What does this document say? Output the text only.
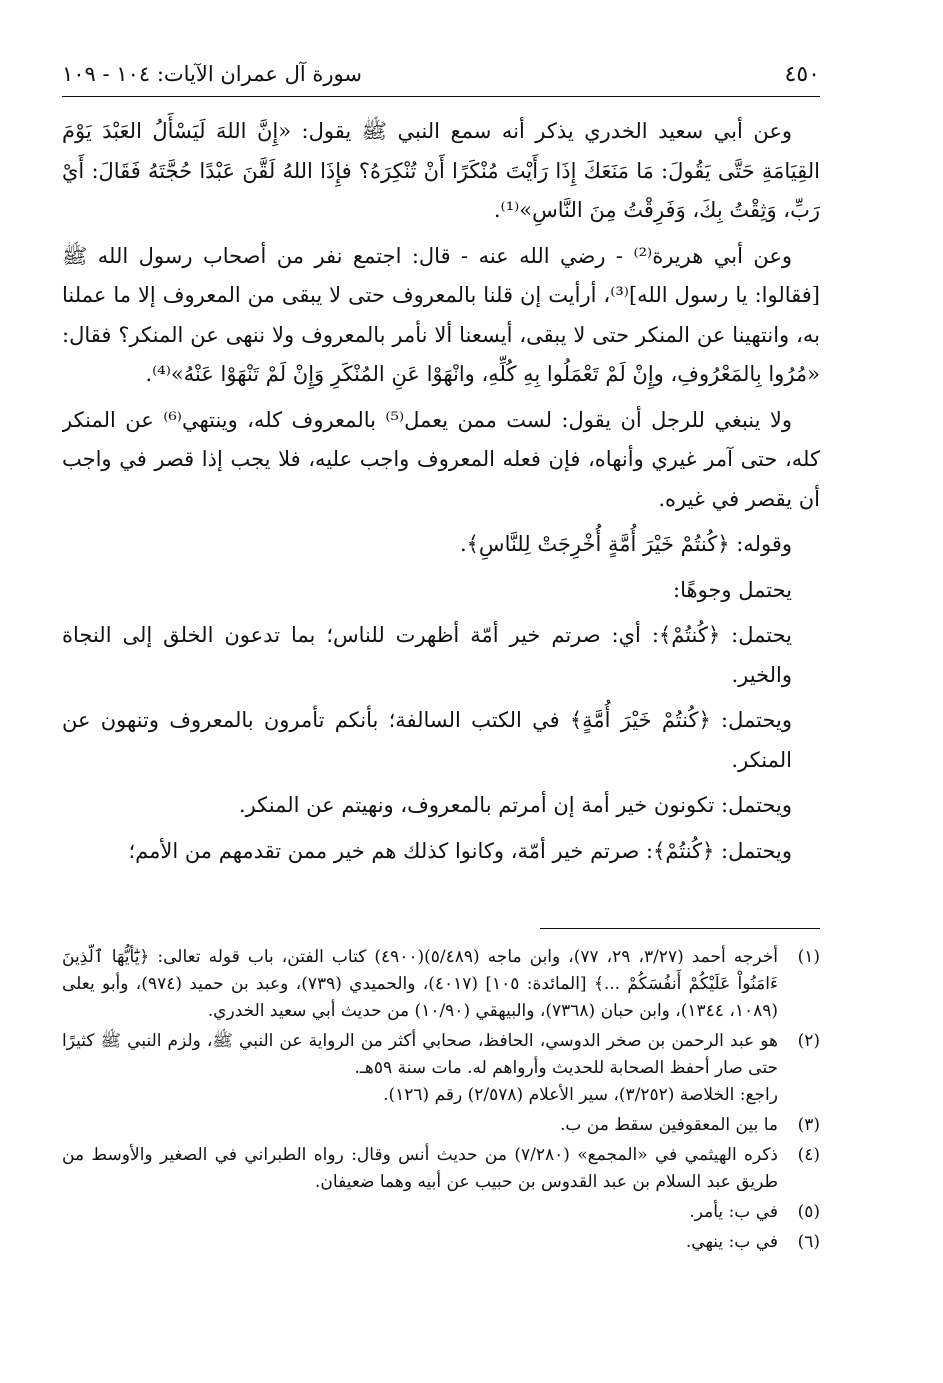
٤٥٠
سورة آل عمران الآيات: ١٠٤ - ١٠٩

وعن أبي سعيد الخدري يذكر أنه سمع النبي ﷺ يقول: «إِنَّ اللهَ لَيَسْأَلُ العَبْدَ يَوْمَ القِيَامَةِ حَتَّى يَقُولَ: مَا مَنَعَكَ إِذَا رَأَيْتَ مُنْكَرًا أَنْ تُنْكِرَهُ؟ فإِذَا اللهُ لَقَّنَ عَبْدًا حُجَّتَهُ فَقَالَ: أَيْ رَبِّ، وَثِقْتُ بِكَ، وَفَرِقْتُ مِنَ النَّاسِ»⁽¹⁾.

وعن أبي هريرة⁽²⁾ - رضي الله عنه - قال: اجتمع نفر من أصحاب رسول الله ﷺ [فقالوا: يا رسول الله]⁽³⁾، أرأيت إن قلنا بالمعروف حتى لا يبقى من المعروف إلا ما عملنا به، وانتهينا عن المنكر حتى لا يبقى، أيسعنا ألا نأمر بالمعروف ولا ننهى عن المنكر؟ فقال: «مُرُوا بِالمَعْرُوفِ، وإِنْ لَمْ تَعْمَلُوا بِهِ كُلِّهِ، وانْهَوْا عَنِ المُنْكَرِ وَإِنْ لَمْ تَنْهَوْا عَنْهُ»⁽⁴⁾.

ولا ينبغي للرجل أن يقول: لست ممن يعمل⁽⁵⁾ بالمعروف كله، وينتهي⁽⁶⁾ عن المنكر كله، حتى آمر غيري وأنهاه، فإن فعله المعروف واجب عليه، فلا يجب إذا قصر في واجب أن يقصر في غيره.

وقوله: ﴿كُنتُمْ خَيْرَ أُمَّةٍ أُخْرِجَتْ لِلنَّاسِ﴾.

يحتمل وجوهًا:

يحتمل: ﴿كُنتُمْ﴾: أي: صرتم خير أمّة أظهرت للناس؛ بما تدعون الخلق إلى النجاة والخير.

ويحتمل: ﴿كُنتُمْ خَيْرَ أُمَّةٍ﴾ في الكتب السالفة؛ بأنكم تأمرون بالمعروف وتنهون عن المنكر.

ويحتمل: تكونون خير أمة إن أمرتم بالمعروف، ونهيتم عن المنكر.

ويحتمل: ﴿كُنتُمْ﴾: صرتم خير أمّة، وكانوا كذلك هم خير ممن تقدمهم من الأمم؛

(١)
أخرجه أحمد (٣/٢٧، ٢٩، ٧٧)، وابن ماجه (٥/٤٨٩)(٤٩٠٠) كتاب الفتن، باب قوله تعالى: ﴿يَٰٓأَيُّهَا ٱلَّذِينَ ءَامَنُواْ عَلَيْكُمْ أَنفُسَكُمْ ...﴾ [المائدة: ١٠٥] (٤٠١٧)، والحميدي (٧٣٩)، وعبد بن حميد (٩٧٤)، وأبو يعلى (١٠٨٩، ١٣٤٤)، وابن حبان (٧٣٦٨)، والبيهقي (١٠/٩٠) من حديث أبي سعيد الخدري.
(٢)
هو عبد الرحمن بن صخر الدوسي، الحافظ، صحابي أكثر من الرواية عن النبي ﷺ، ولزم النبي ﷺ كثيرًا حتى صار أحفظ الصحابة للحديث وأرواهم له. مات سنة ٥٩هـ.
راجع: الخلاصة (٣/٢٥٢)، سير الأعلام (٢/٥٧٨) رقم (١٢٦).
(٣)
ما بين المعقوفين سقط من ب.
(٤)
ذكره الهيثمي في «المجمع» (٧/٢٨٠) من حديث أنس وقال: رواه الطبراني في الصغير والأوسط من طريق عبد السلام بن عبد القدوس بن حبيب عن أبيه وهما ضعيفان.
(٥)
في ب: يأمر.
(٦)
في ب: ينهي.
